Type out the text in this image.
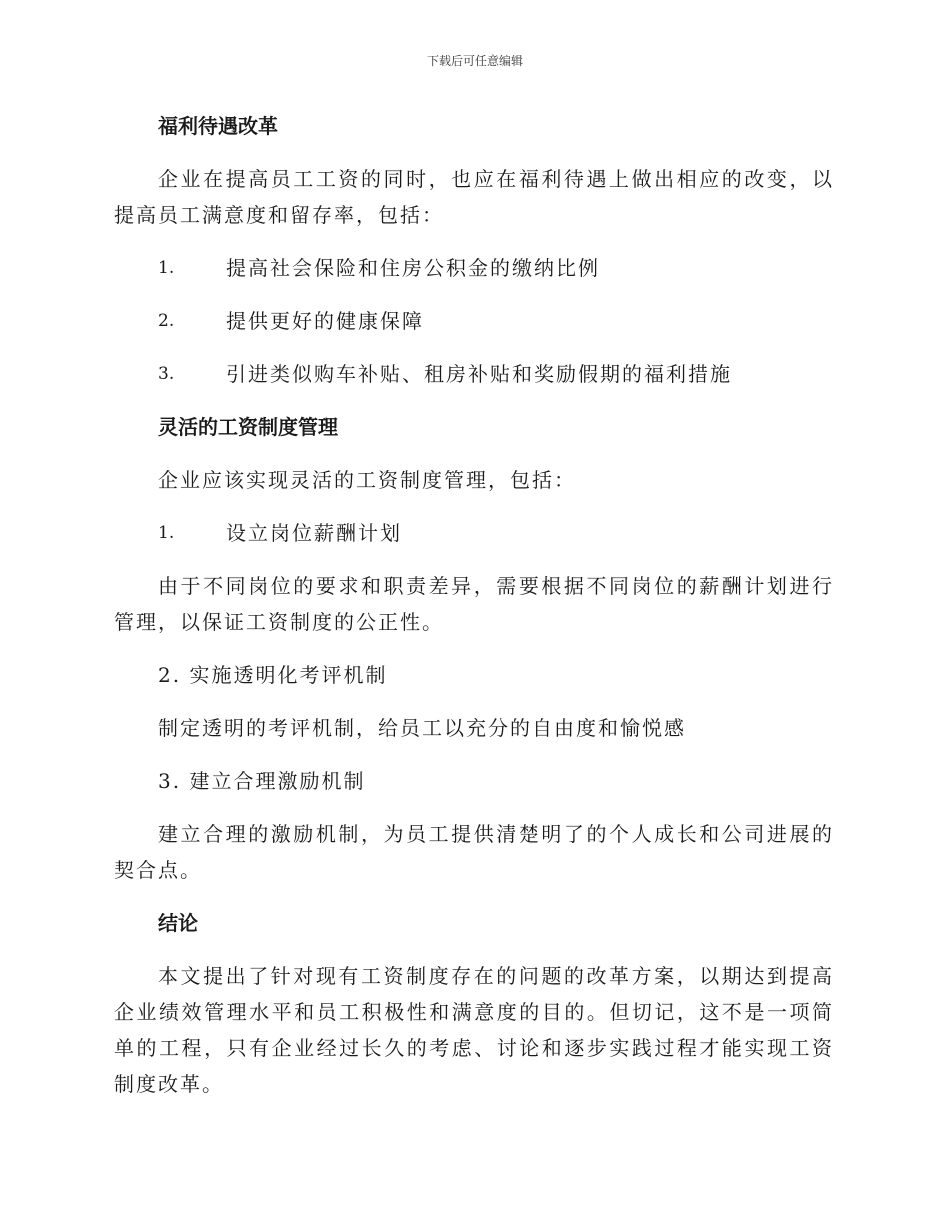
下载后可任意编辑
福利待遇改革

企业在提高员工工资的同时，也应在福利待遇上做出相应的改变，以提高员工满意度和留存率，包括：

1.	提高社会保险和住房公积金的缴纳比例
2.	提供更好的健康保障
3.	引进类似购车补贴、租房补贴和奖励假期的福利措施
灵活的工资制度管理
企业应该实现灵活的工资制度管理，包括：
1.	设立岗位薪酬计划

由于不同岗位的要求和职责差异，需要根据不同岗位的薪酬计划进行管理，以保证工资制度的公正性。

2. 实施透明化考评机制
制定透明的考评机制，给员工以充分的自由度和愉悦感
3. 建立合理激励机制

建立合理的激励机制，为员工提供清楚明了的个人成长和公司进展的契合点。

结论

本文提出了针对现有工资制度存在的问题的改革方案，以期达到提高企业绩效管理水平和员工积极性和满意度的目的。但切记，这不是一项简单的工程，只有企业经过长久的考虑、讨论和逐步实践过程才能实现工资制度改革。
